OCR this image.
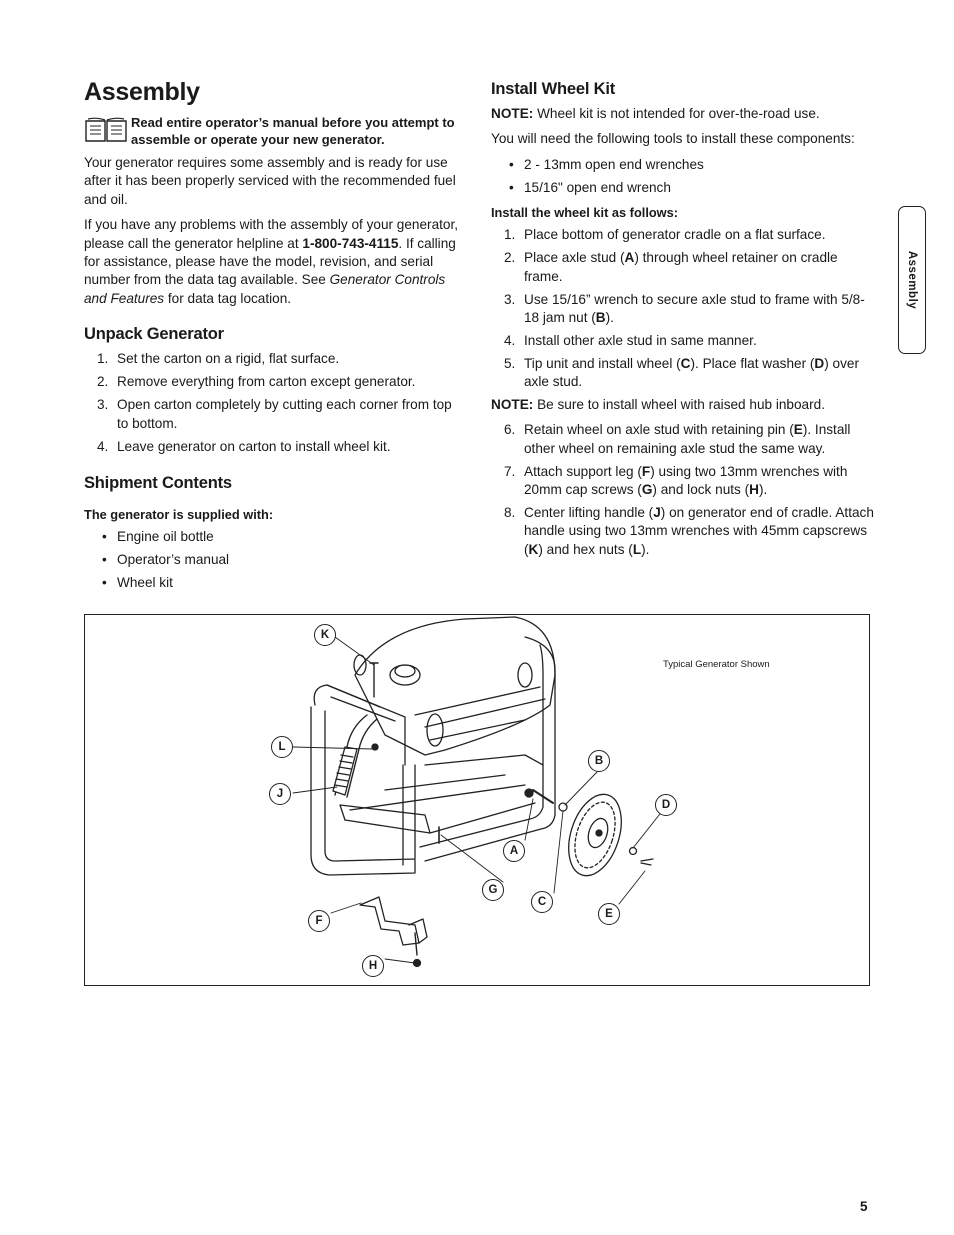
Assembly
Read entire operator’s manual before you attempt to assemble or operate your new generator.

Your generator requires some assembly and is ready for use after it has been properly serviced with the recommended fuel and oil.

If you have any problems with the assembly of your generator, please call the generator helpline at 1-800-743-4115. If calling for assistance, please have the model, revision, and serial number from the data tag available. See Generator Controls and Features for data tag location.

Unpack Generator
1. Set the carton on a rigid, flat surface.
2. Remove everything from carton except generator.
3. Open carton completely by cutting each corner from top to bottom.
4. Leave generator on carton to install wheel kit.
Shipment Contents
The generator is supplied with:
• Engine oil bottle
• Operator’s manual
• Wheel kit
Install Wheel Kit

NOTE: Wheel kit is not intended for over-the-road use.

You will need the following tools to install these components:

• 2 - 13mm open end wrenches
• 15/16" open end wrench
Install the wheel kit as follows:
1. Place bottom of generator cradle on a flat surface.
2. Place axle stud (A) through wheel retainer on cradle frame.
3. Use 15/16” wrench to secure axle stud to frame with 5/8-18 jam nut (B).
4. Install other axle stud in same manner.
5. Tip unit and install wheel (C). Place flat washer (D) over axle stud.

NOTE: Be sure to install wheel with raised hub inboard.

6. Retain wheel on axle stud with retaining pin (E). Install other wheel on remaining axle stud the same way.
7. Attach support leg (F) using two 13mm wrenches with 20mm cap screws (G) and lock nuts (H).
8. Center lifting handle (J) on generator end of cradle. Attach handle using two 13mm wrenches with 45mm capscrews (K) and hex nuts (L).
Assembly
Typical Generator Shown
K
L
J
B
D
A
G
C
E
F
H
5
